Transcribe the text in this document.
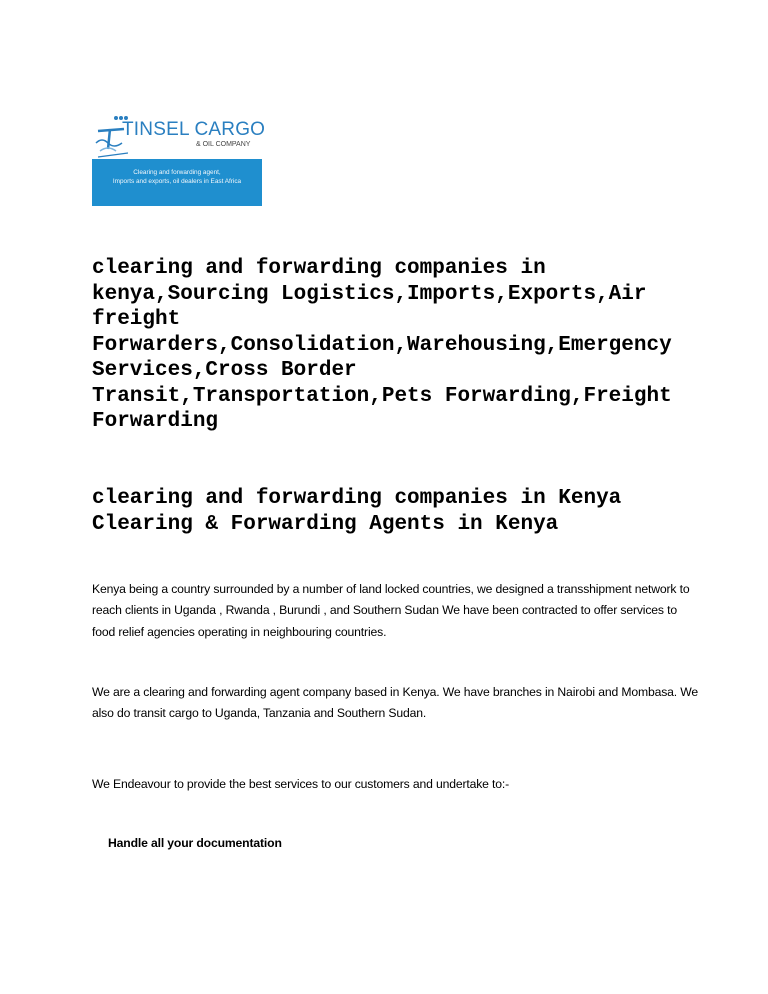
TINSEL CARGO
& OIL COMPANY
Clearing and forwarding agent,
Imports and exports, oil dealers in East Africa
clearing and forwarding companies in kenya,Sourcing Logistics,Imports,Exports,Air freight Forwarders,Consolidation,Warehousing,Emergency Services,Cross Border Transit,Transportation,Pets Forwarding,Freight Forwarding
clearing and forwarding companies in Kenya
Clearing & Forwarding Agents in Kenya

Kenya being a country surrounded by a number of land locked countries, we designed a transshipment network to reach clients in Uganda , Rwanda , Burundi , and Southern Sudan We have been contracted to offer services to food relief agencies operating in neighbouring countries.

We are a clearing and forwarding agent company based in Kenya. We have branches in Nairobi and Mombasa. We also do transit cargo to Uganda, Tanzania and Southern Sudan.

We Endeavour to provide the best services to our customers and undertake to:-

Handle all your documentation
